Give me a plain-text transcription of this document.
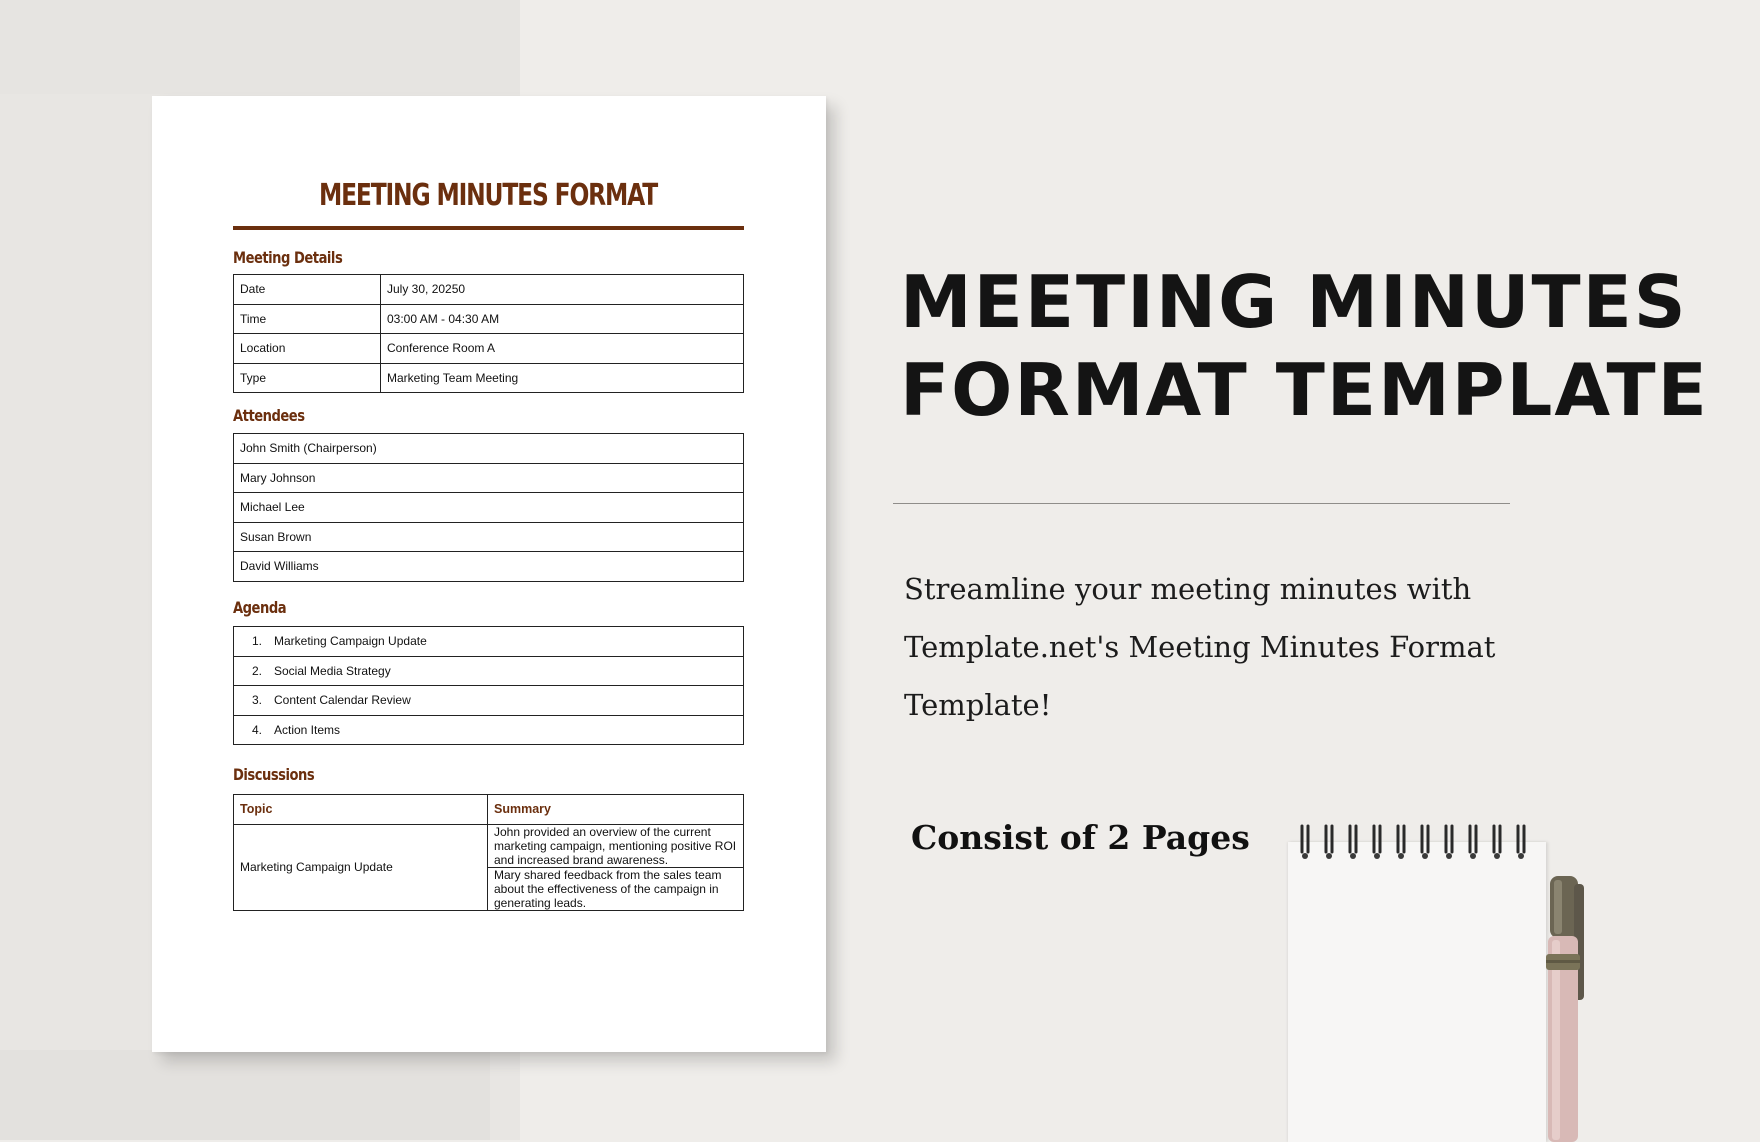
MEETING MINUTES FORMAT
Meeting Details
Date	July 30, 20250
Time	03:00 AM - 04:30 AM
Location	Conference Room A
Type	Marketing Team Meeting
Attendees
John Smith (Chairperson)
Mary Johnson
Michael Lee
Susan Brown
David Williams
Agenda
1. Marketing Campaign Update
2. Social Media Strategy
3. Content Calendar Review
4. Action Items
Discussions
Topic	Summary
Marketing Campaign Update	John provided an overview of the current marketing campaign, mentioning positive ROI and increased brand awareness.
	Mary shared feedback from the sales team about the effectiveness of the campaign in generating leads.
MEETING MINUTES
FORMAT TEMPLATE
Streamline your meeting minutes with
Template.net's Meeting Minutes Format
Template!
Consist of 2 Pages
